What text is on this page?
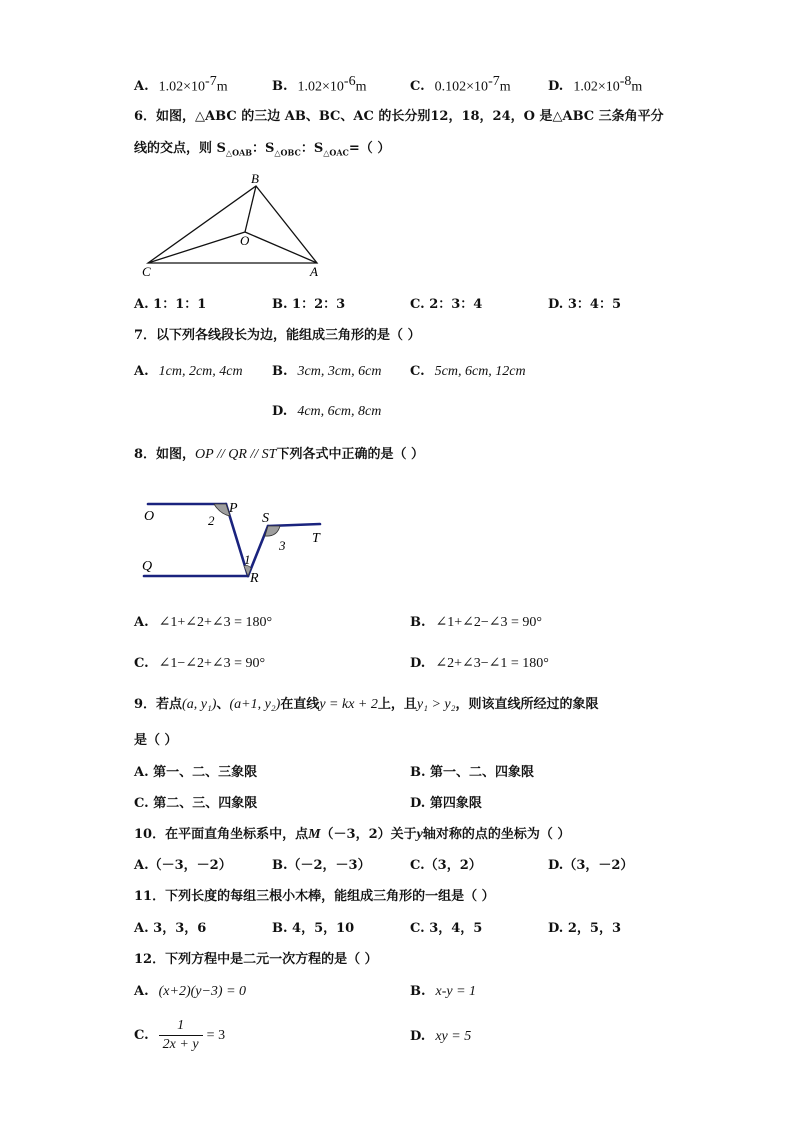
A. $1.02\times 10^{-7}m$	B. $1.02\times 10^{-6}m$	C. $0.102\times 10^{-7}m$	D. $1.02\times 10^{-8}m$
6．如图，△ABC 的三边 AB、BC、AC 的长分别12，18，24，O 是△ABC 三条角平分
线的交点，则 $S_{\triangle OAB}$：$S_{\triangle OBC}$：$S_{\triangle OAC}=$（ ）
B
O
C	A
A. 1：1：1	B. 1：2：3	C. 2：3：4	D. 3：4：5
7．以下列各线段长为边，能组成三角形的是（ ）
A. 1cm, 2cm, 4cm B. 3cm, 3cm, 6cm C. 5cm, 6cm, 12cm
D. 4cm, 6cm, 8cm
8．如图，OP // QR // ST下列各式中正确的是（ ）
O
P
2	S
3 T
Q	1
R
A. ∠1+∠2+∠3 = 180°	B. ∠1+∠2−∠3 = 90°
C. ∠1−∠2+∠3 = 90°	D. ∠2+∠3−∠1 = 180°
9．若点(a, y₁)、(a+1, y₂)在直线y = kx + 2上，且y₁ > y₂，则该直线所经过的象限
是（ ）
A. 第一、二、三象限	B. 第一、二、四象限
C. 第二、三、四象限	D. 第四象限
10．在平面直角坐标系中，点M（－3，2）关于y轴对称的点的坐标为（ ）
A.（－3，－2）	B.（－2，－3）	C.（3，2）	D.（3，－2）
11．下列长度的每组三根小木棒，能组成三角形的一组是（ ）
A. 3，3，6	B. 4，5，10	C. 3，4，5	D. 2，5，3
12．下列方程中是二元一次方程的是（ ）
A. (x+2)(y−3) = 0	B. x-y = 1
C. $\frac{1}{2x + y} = 3$	D. xy = 5
